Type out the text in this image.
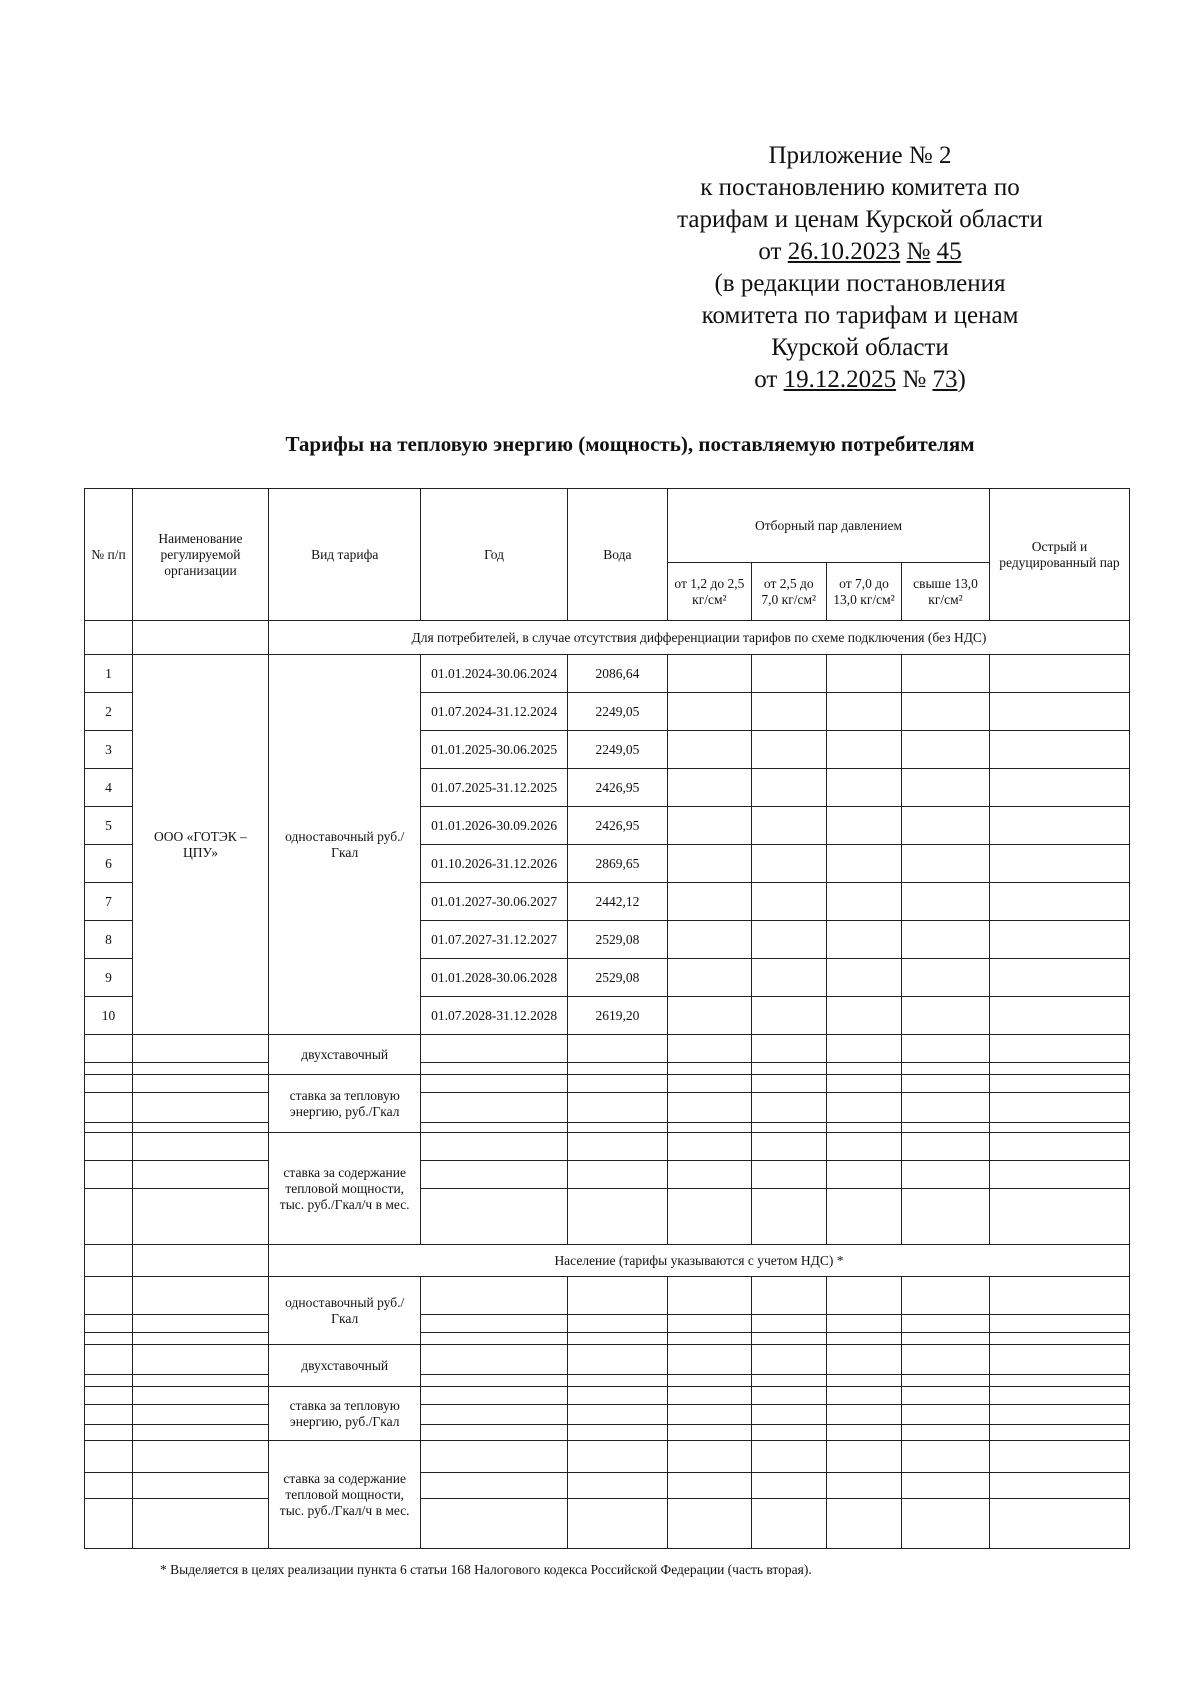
Приложение № 2
к постановлению комитета по
тарифам и ценам Курской области
от 26.10.2023 № 45
(в редакции постановления
комитета по тарифам и ценам
Курской области
от 19.12.2025 № 73)
Тарифы на тепловую энергию (мощность), поставляемую потребителям
№ п/п	Наименование регулируемой организации	Вид тарифа	Год	Вода	Отборный пар давлением				Острый и редуцированный пар
					от 1,2 до 2,5 кг/см²	от 2,5 до 7,0 кг/см²	от 7,0 до 13,0 кг/см²	свыше 13,0 кг/см²	
		Для потребителей, в случае отсутствия дифференциации тарифов по схеме подключения (без НДС)							
1	ООО «ГОТЭК – ЦПУ»	одноставочный руб./Гкал	01.01.2024-30.06.2024	2086,64					
2			01.07.2024-31.12.2024	2249,05					
3			01.01.2025-30.06.2025	2249,05					
4			01.07.2025-31.12.2025	2426,95					
5			01.01.2026-30.09.2026	2426,95					
6			01.10.2026-31.12.2026	2869,65					
7			01.01.2027-30.06.2027	2442,12					
8			01.07.2027-31.12.2027	2529,08					
9			01.01.2028-30.06.2028	2529,08					
10			01.07.2028-31.12.2028	2619,20					
		двухставочный							

		ставка за тепловую энергию, руб./Гкал							

		ставка за содержание тепловой мощности, тыс. руб./Гкал/ч в мес.							

		Население (тарифы указываются с учетом НДС) *							
		одноставочный руб./Гкал							

		двухставочный							

		ставка за тепловую энергию, руб./Гкал							

		ставка за содержание тепловой мощности, тыс. руб./Гкал/ч в мес.							

* Выделяется в целях реализации пункта 6 статьи 168 Налогового кодекса Российской Федерации (часть вторая).
